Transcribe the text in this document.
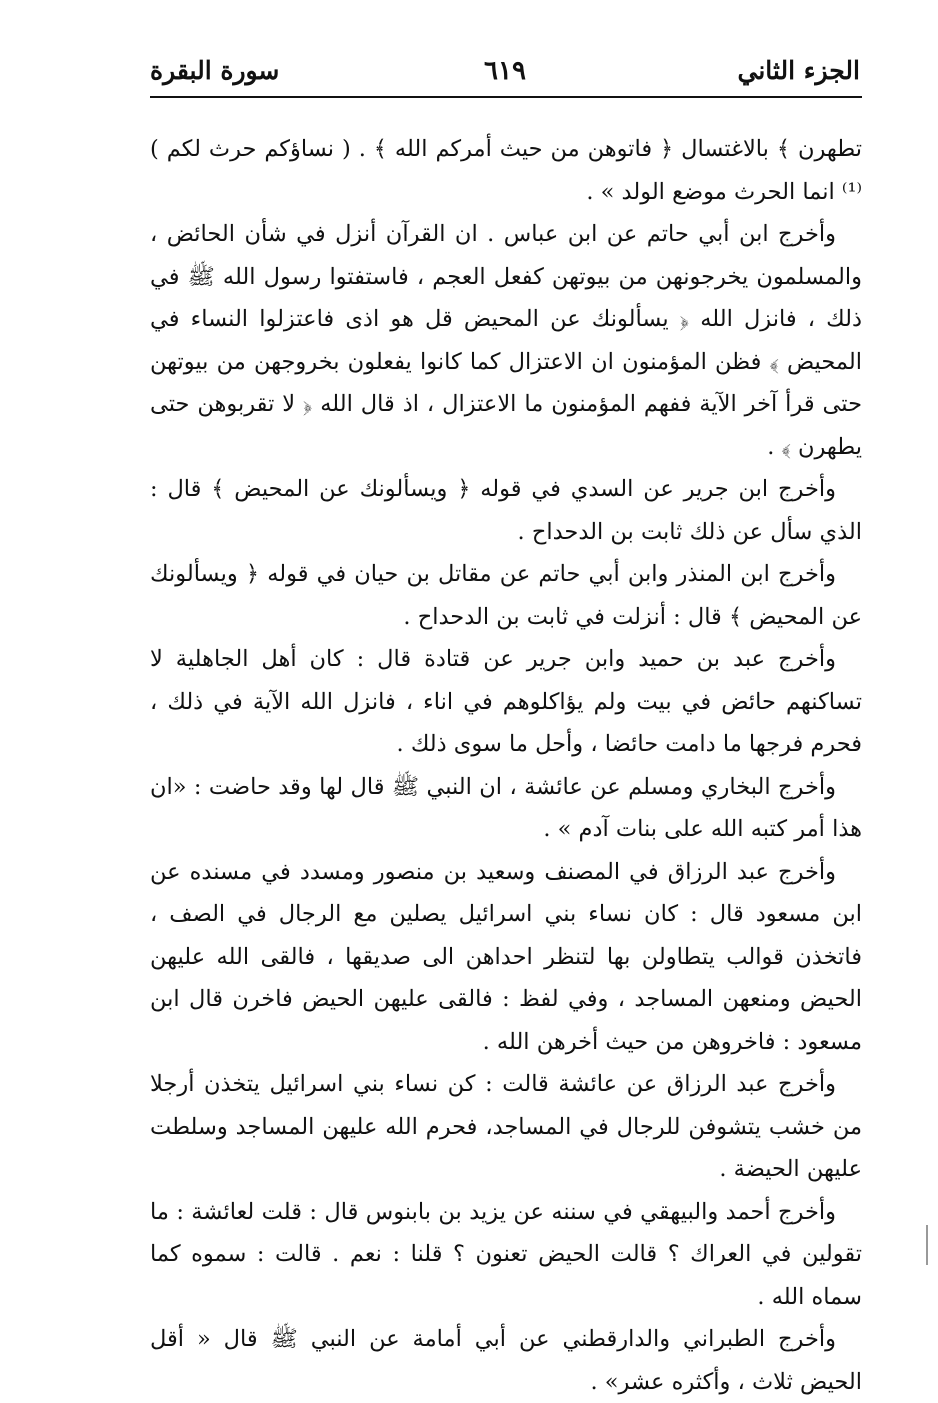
الجزء الثاني
٦١٩
سورة البقرة

تطهرن ﴾ بالاغتسال ﴿ فاتوهن من حيث أمركم الله ﴾ . ( نساؤكم حرث لكم )⁽¹⁾ انما الحرث موضع الولد » .

وأخرج ابن أبي حاتم عن ابن عباس . ان القرآن أنزل في شأن الحائض ، والمسلمون يخرجونهن من بيوتهن كفعل العجم ، فاستفتوا رسول الله ﷺ في ذلك ، فانزل الله ﴿ يسألونك عن المحيض قل هو اذى فاعتزلوا النساء في المحيض ﴾ فظن المؤمنون ان الاعتزال كما كانوا يفعلون بخروجهن من بيوتهن حتى قرأ آخر الآية ففهم المؤمنون ما الاعتزال ، اذ قال الله ﴿ لا تقربوهن حتى يطهرن ﴾ .

وأخرج ابن جرير عن السدي في قوله ﴿ ويسألونك عن المحيض ﴾ قال : الذي سأل عن ذلك ثابت بن الدحداح .

وأخرج ابن المنذر وابن أبي حاتم عن مقاتل بن حيان في قوله ﴿ ويسألونك عن المحيض ﴾ قال : أنزلت في ثابت بن الدحداح .

وأخرج عبد بن حميد وابن جرير عن قتادة قال : كان أهل الجاهلية لا تساكنهم حائض في بيت ولم يؤاكلوهم في اناء ، فانزل الله الآية في ذلك ، فحرم فرجها ما دامت حائضا ، وأحل ما سوى ذلك .

وأخرج البخاري ومسلم عن عائشة ، ان النبي ﷺ قال لها وقد حاضت : «ان هذا أمر كتبه الله على بنات آدم » .

وأخرج عبد الرزاق في المصنف وسعيد بن منصور ومسدد في مسنده عن ابن مسعود قال : كان نساء بني اسرائيل يصلين مع الرجال في الصف ، فاتخذن قوالب يتطاولن بها لتنظر احداهن الى صديقها ، فالقى الله عليهن الحيض ومنعهن المساجد ، وفي لفظ : فالقى عليهن الحيض فاخرن قال ابن مسعود : فاخروهن من حيث أخرهن الله .

وأخرج عبد الرزاق عن عائشة قالت : كن نساء بني اسرائيل يتخذن أرجلا من خشب يتشوفن للرجال في المساجد، فحرم الله عليهن المساجد وسلطت عليهن الحيضة .

وأخرج أحمد والبيهقي في سننه عن يزيد بن بابنوس قال : قلت لعائشة : ما تقولين في العراك ؟ قالت الحيض تعنون ؟ قلنا : نعم . قالت : سموه كما سماه الله .

وأخرج الطبراني والدارقطني عن أبي أمامة عن النبي ﷺ قال « أقل الحيض ثلاث ، وأكثره عشر» .
